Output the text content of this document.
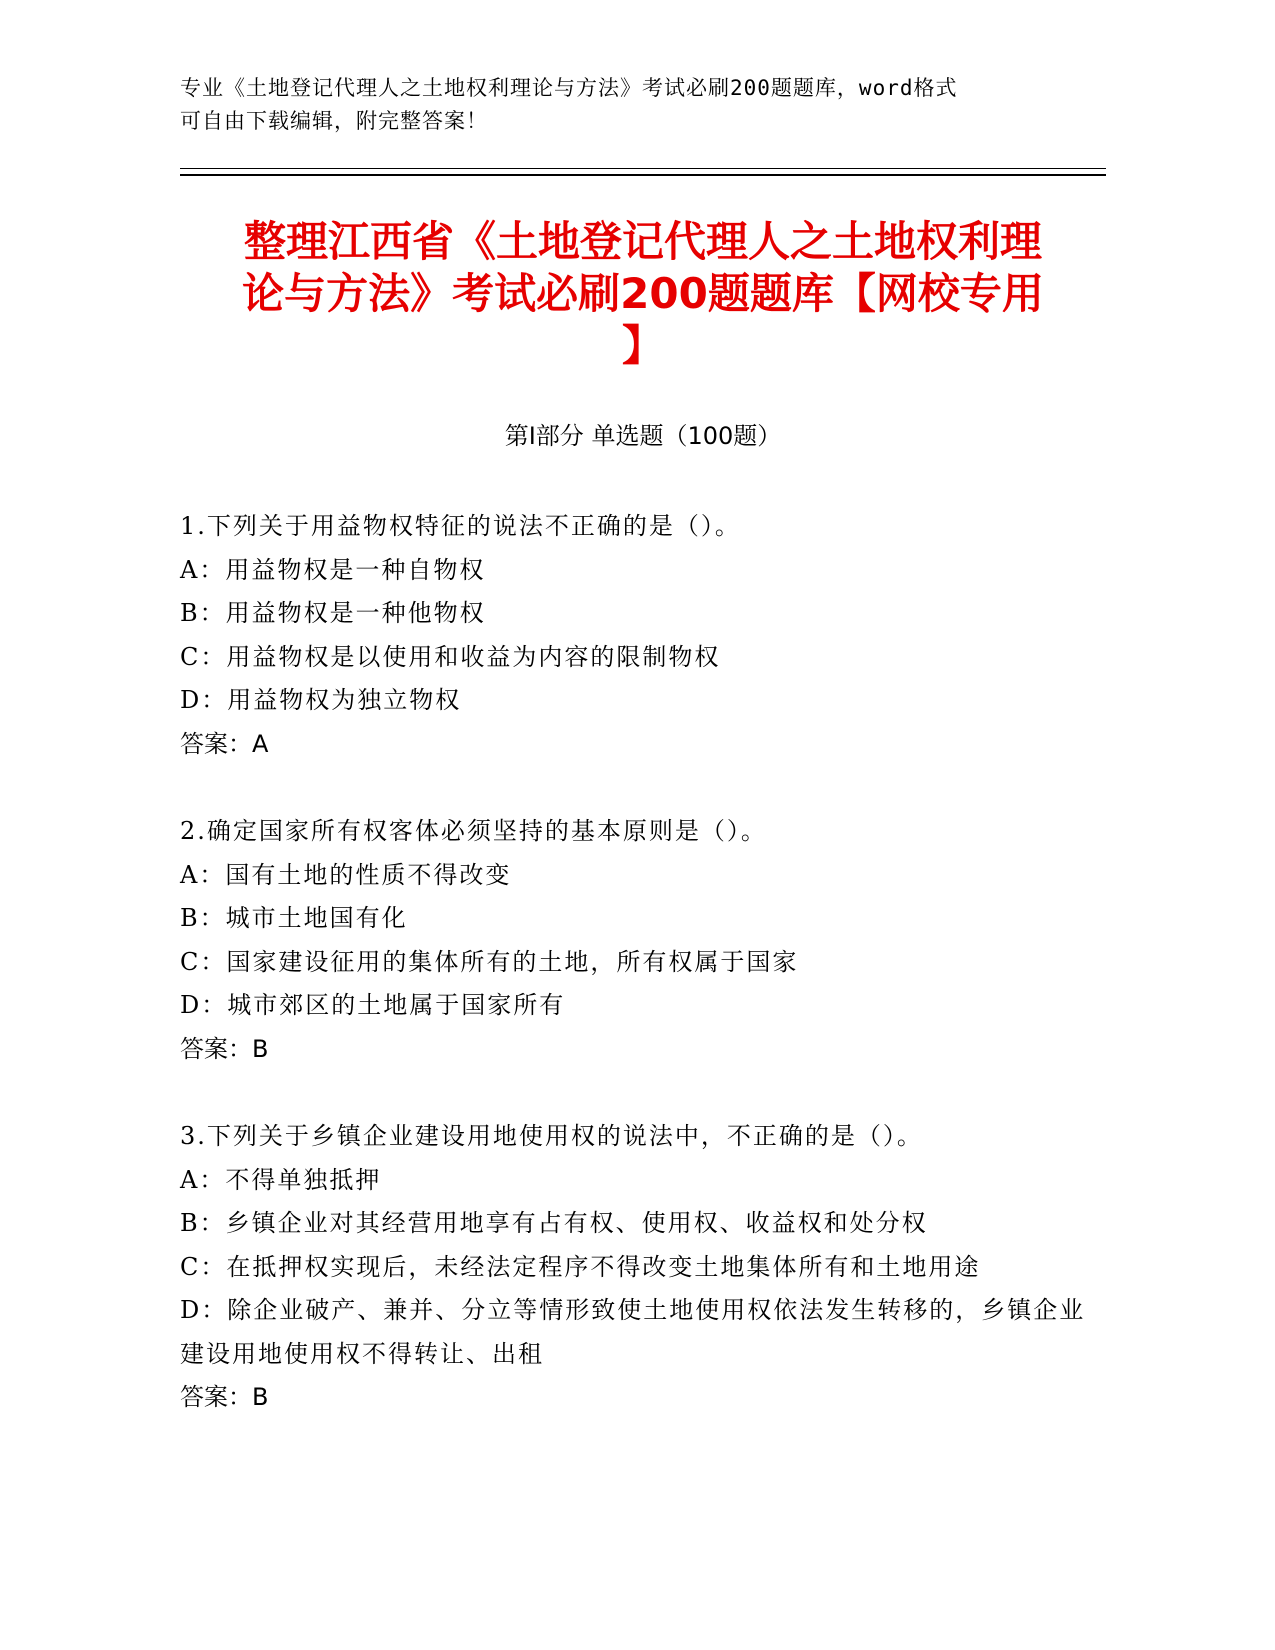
专业《土地登记代理人之土地权利理论与方法》考试必刷200题题库，word格式
可自由下载编辑，附完整答案！
整理江西省《土地登记代理人之土地权利理
论与方法》考试必刷200题题库【网校专用
】
第Ⅰ部分 单选题（100题）
1.下列关于用益物权特征的说法不正确的是（）。
A：用益物权是一种自物权
B：用益物权是一种他物权
C：用益物权是以使用和收益为内容的限制物权
D：用益物权为独立物权
答案：A
2.确定国家所有权客体必须坚持的基本原则是（）。
A：国有土地的性质不得改变
B：城市土地国有化
C：国家建设征用的集体所有的土地，所有权属于国家
D：城市郊区的土地属于国家所有
答案：B
3.下列关于乡镇企业建设用地使用权的说法中，不正确的是（）。
A：不得单独抵押
B：乡镇企业对其经营用地享有占有权、使用权、收益权和处分权
C：在抵押权实现后，未经法定程序不得改变土地集体所有和土地用途
D：除企业破产、兼并、分立等情形致使土地使用权依法发生转移的，乡镇企业建设用地使用权不得转让、出租
答案：B
